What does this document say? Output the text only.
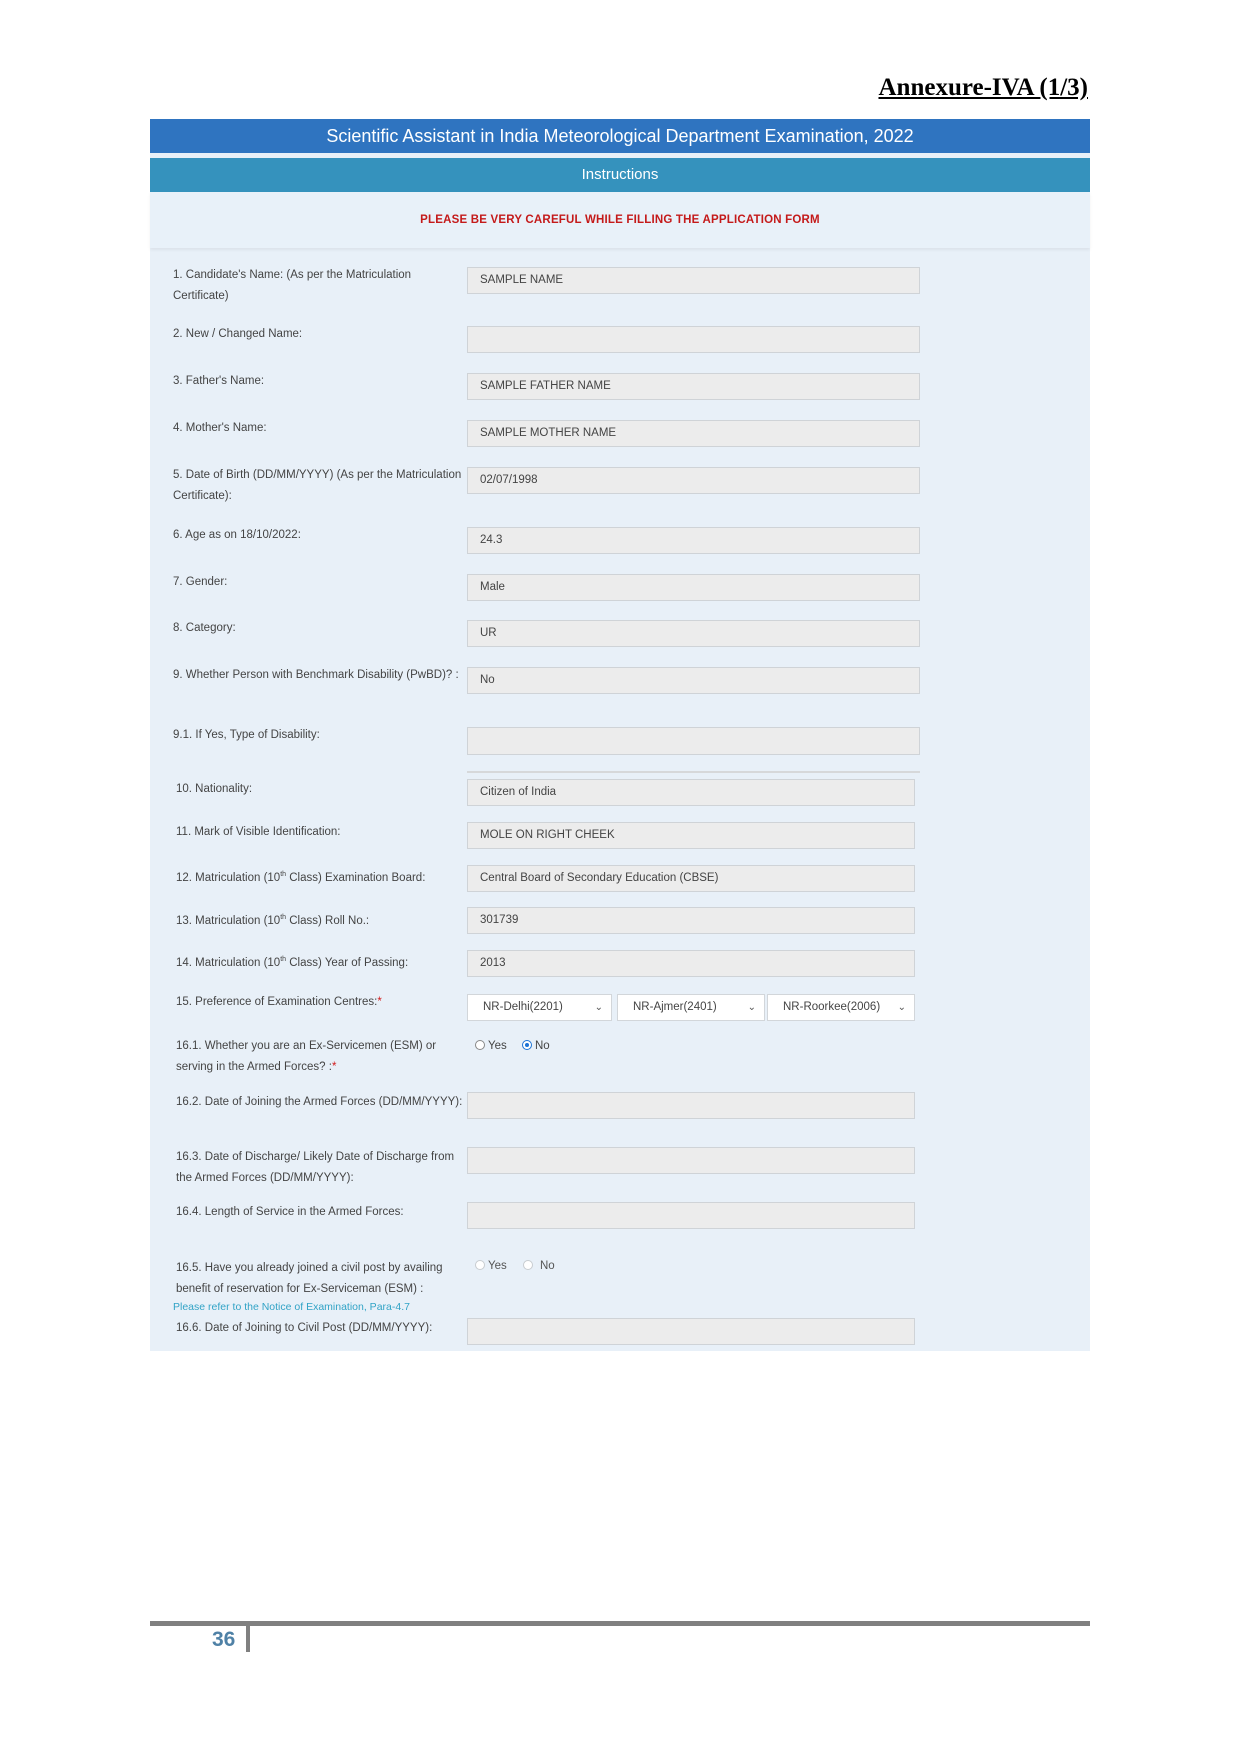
Annexure-IVA (1/3)
Scientific Assistant in India Meteorological Department Examination, 2022
Instructions
PLEASE BE VERY CAREFUL WHILE FILLING THE APPLICATION FORM
1. Candidate's Name: (As per the Matriculation Certificate)
SAMPLE NAME
2. New / Changed Name:
3. Father's Name:	SAMPLE FATHER NAME
4. Mother's Name:	SAMPLE MOTHER NAME
5. Date of Birth (DD/MM/YYYY) (As per the Matriculation Certificate):
02/07/1998
6. Age as on 18/10/2022:	24.3
7. Gender:	Male
8. Category:	UR
9. Whether Person with Benchmark Disability (PwBD)? :	No
9.1. If Yes, Type of Disability:
10. Nationality:	Citizen of India
11. Mark of Visible Identification:	MOLE ON RIGHT CHEEK
12. Matriculation (10th Class) Examination Board:	Central Board of Secondary Education (CBSE)
13. Matriculation (10th Class) Roll No.:	301739
14. Matriculation (10th Class) Year of Passing:	2013
15. Preference of Examination Centres:*	NR-Delhi(2201)	⌄	NR-Ajmer(2401)	⌄	NR-Roorkee(2006) ⌄
16.1. Whether you are an Ex-Servicemen (ESM) or serving in the Armed Forces? :*
Yes	No
16.2. Date of Joining the Armed Forces (DD/MM/YYYY):
16.3. Date of Discharge/ Likely Date of Discharge from the Armed Forces (DD/MM/YYYY):
16.4. Length of Service in the Armed Forces:
16.5. Have you already joined a civil post by availing benefit of reservation for Ex-Serviceman (ESM) :
Yes	No
Please refer to the Notice of Examination, Para-4.7
16.6. Date of Joining to Civil Post (DD/MM/YYYY):
36
